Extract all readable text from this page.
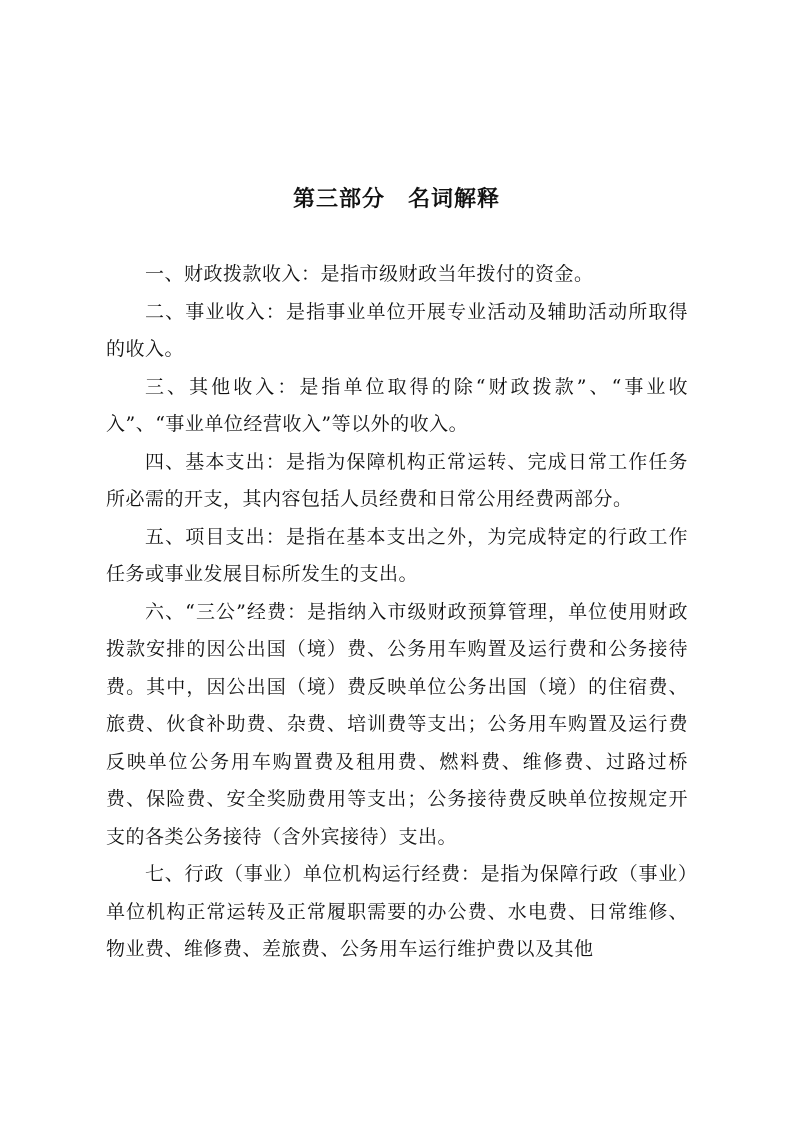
第三部分　名词解释

一、财政拨款收入：是指市级财政当年拨付的资金。

二、事业收入：是指事业单位开展专业活动及辅助活动所取得的收入。

三、其他收入：是指单位取得的除“财政拨款”、“事业收入”、“事业单位经营收入”等以外的收入。

四、基本支出：是指为保障机构正常运转、完成日常工作任务所必需的开支，其内容包括人员经费和日常公用经费两部分。

五、项目支出：是指在基本支出之外，为完成特定的行政工作任务或事业发展目标所发生的支出。

六、“三公”经费：是指纳入市级财政预算管理，单位使用财政拨款安排的因公出国（境）费、公务用车购置及运行费和公务接待费。其中，因公出国（境）费反映单位公务出国（境）的住宿费、旅费、伙食补助费、杂费、培训费等支出；公务用车购置及运行费反映单位公务用车购置费及租用费、燃料费、维修费、过路过桥费、保险费、安全奖励费用等支出；公务接待费反映单位按规定开支的各类公务接待（含外宾接待）支出。

七、行政（事业）单位机构运行经费：是指为保障行政（事业）单位机构正常运转及正常履职需要的办公费、水电费、日常维修、物业费、维修费、差旅费、公务用车运行维护费以及其他
